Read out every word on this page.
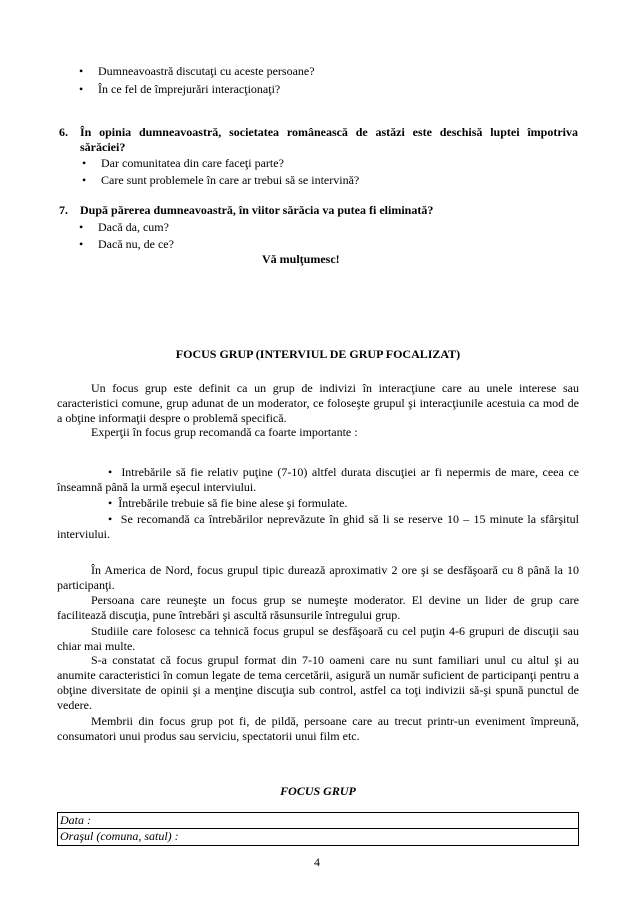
• Dumneavoastră discutaţi cu aceste persoane?
• În ce fel de împrejurări interacţionaţi?
6. În opinia dumneavoastră, societatea românească de astăzi este deschisă luptei împotriva
sărăciei?
• Dar comunitatea din care faceţi parte?
• Care sunt problemele în care ar trebui să se intervină?
7. După părerea dumneavoastră, în viitor sărăcia va putea fi eliminată?
• Dacă da, cum?
• Dacă nu, de ce?
Vă mulţumesc!
FOCUS GRUP (INTERVIUL DE GRUP FOCALIZAT)
Un focus grup este definit ca un grup de indivizi în interacţiune care au unele interese sau caracteristici comune, grup adunat de un moderator, ce foloseşte grupul şi interacţiunile acestuia ca mod de a obţine informaţii despre o problemă specifică.
Experţii în focus grup recomandă ca foarte importante :
•  Intrebările să fie relativ puţine (7-10) altfel durata discuţiei ar fi nepermis de mare, ceea ce înseamnă până la urmă eşecul interviului.
•  Întrebările trebuie să fie bine alese şi formulate.
•  Se recomandă ca întrebărilor neprevăzute în ghid să li se reserve 10 – 15 minute la sfârşitul interviului.
În America de Nord, focus grupul tipic durează aproximativ 2 ore şi se desfăşoară cu 8 până la 10 participanţi.
Persoana care reuneşte un focus grup se numeşte moderator. El devine un lider de grup care facilitează discuţia, pune întrebări şi ascultă răsunsurile întregului grup.
Studiile care folosesc ca tehnică focus grupul se desfăşoară cu cel puţin 4-6 grupuri de discuţii sau chiar mai multe.
S-a constatat că focus grupul format din 7-10 oameni care nu sunt familiari unul cu altul şi au anumite caracteristici în comun legate de tema cercetării, asigură un număr suficient de participanţi pentru a obţine diversitate de opinii şi a menţine discuţia sub control, astfel ca toţi indivizii să-şi spună punctul de vedere.
Membrii din focus grup pot fi, de pildă, persoane care au trecut printr-un eveniment împreună, consumatori unui produs sau serviciu, spectatorii unui film etc.
FOCUS GRUP
Data :
Oraşul (comuna, satul) :
4
